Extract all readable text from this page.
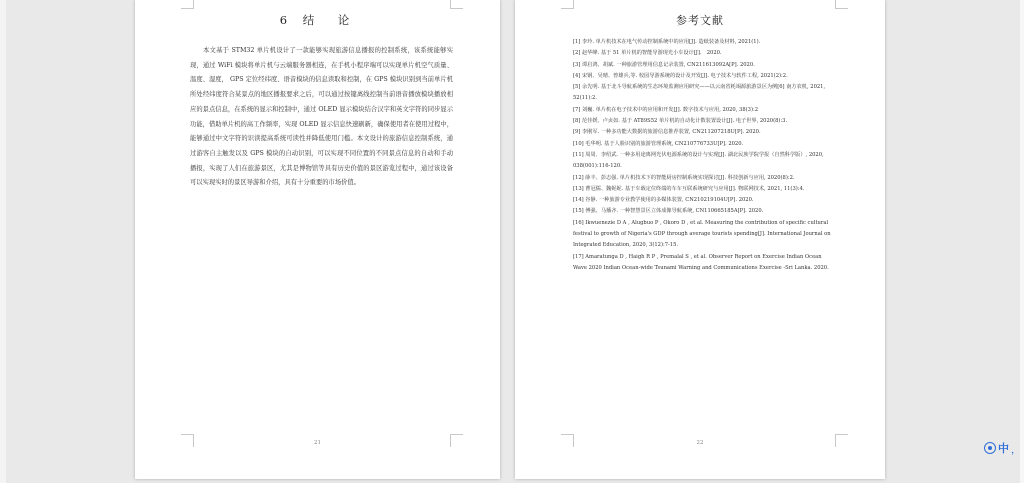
6 结　论

本文基于 STM32 单片机设计了一款能够实现旅游信息播报的控制系统，该系统能够实现，通过 WiFi 模块将单片机与云端服务器相连，在手机小程序端可以实现单片机空气质量、温度、湿度， GPS 定位经纬度、语音模块的信息读取和控制，在 GPS 模块识别到当前单片机所处经纬度符合某景点的地区播报要求之后，可以通过按键离线控制当前语音播放模块播放相应的景点信息，在系统的显示和控制中，通过 OLED 显示模块结合汉字和英文字符的同步显示功能，借助单片机的高工作频率，实现 OLED 显示信息快速刷新，确保使用者在使用过程中，能够通过中文字符的识读提高系统可读性并降低使用门槛。本文设计的旅游信息控制系统，通过游客自主触发以及 GPS 模块的自动识别，可以实现不同位置的不同景点信息的自动和手动播报，实现了人们在旅游景区，尤其是博物馆等具有历史价值的景区游览过程中，通过该设备可以实现实时的景区导游和介绍，具有十分重要的市场价值。

21
参考文献
[1] 李玲. 单片机技术在电气传动控制系统中的应用[J]. 造纸装备及材料, 2021(1).
[2] 赵华峰. 基于 51 单片机的智能导游现光小车设计[J].　2020.
[3] 谭启鸿、胡斌. 一种旅游管理用信息记录装置, CN211613092A[P]. 2020.
[4] 宋钢、吴晴、曾雄兵,等. 校园导游系统的设计及开发[J]. 电子技术与软件工程, 2021(2):2.
[5] 余先明. 基于北斗导航系统的生态环境监测应用研究——以云南省耗竭源旅游景区为例[6] 南方农机, 2021, 52(11):2.
[7] 刘巍. 单片机在电子技术中的应用和开发[J]. 数字技术与应用, 2020, 38(3):2
[8] 范佳媛、卢贞如. 基于 AT89S52 单片机的自动化计数装置设计[J]. 电子世界, 2020(8):3.
[9] 李刚军. 一种多功能大数据的旅游信息推荐装置, CN211207218U[P]. 2020.
[10] 毛华明. 基于人脸识别的旅游管理系统, CN210776733U[P]. 2020.
[11] 周周、李绍武. 一种多用途离网光伏电源系统的设计与实现[J]. 湖北民族学院学报（自然科学版）, 2020, 038(001):116-120.
[12] 薛丰、彭志强. 单片机技术下的智能厨房控制系统实现探讨[J]. 科技创新与应用, 2020(8):2.
[13] 曹冠儒、魏妮妮. 基于车载定位终端的车车互联系统研究与应用[J]. 物联网技术, 2021, 11(3):4.
[14] 谷静. 一种旅游专业教学使用的多媒体装置, CN210219104U[P]. 2020.
[15] 傅强、马播齐. 一种智慧景区立体成像导航系统, CN110665185A[P]. 2020.
[16] Ikwuenezie D A , Alugbuo P , Okoro D , et al. Measuring the contribution of specific cultural festival to growth of Nigeria's GDP through average tourists spending[J]. International Journal on Integrated Education, 2020, 3(12):7-15.
[17] Amaratunga D , Haigh R P , Premalal S , et al. Observer Report on Exercise Indian Ocean Wave 2020 Indian Ocean-wide Tsunami Warning and Communications Exercise -Sri Lanka. 2020.
22	中 ，
